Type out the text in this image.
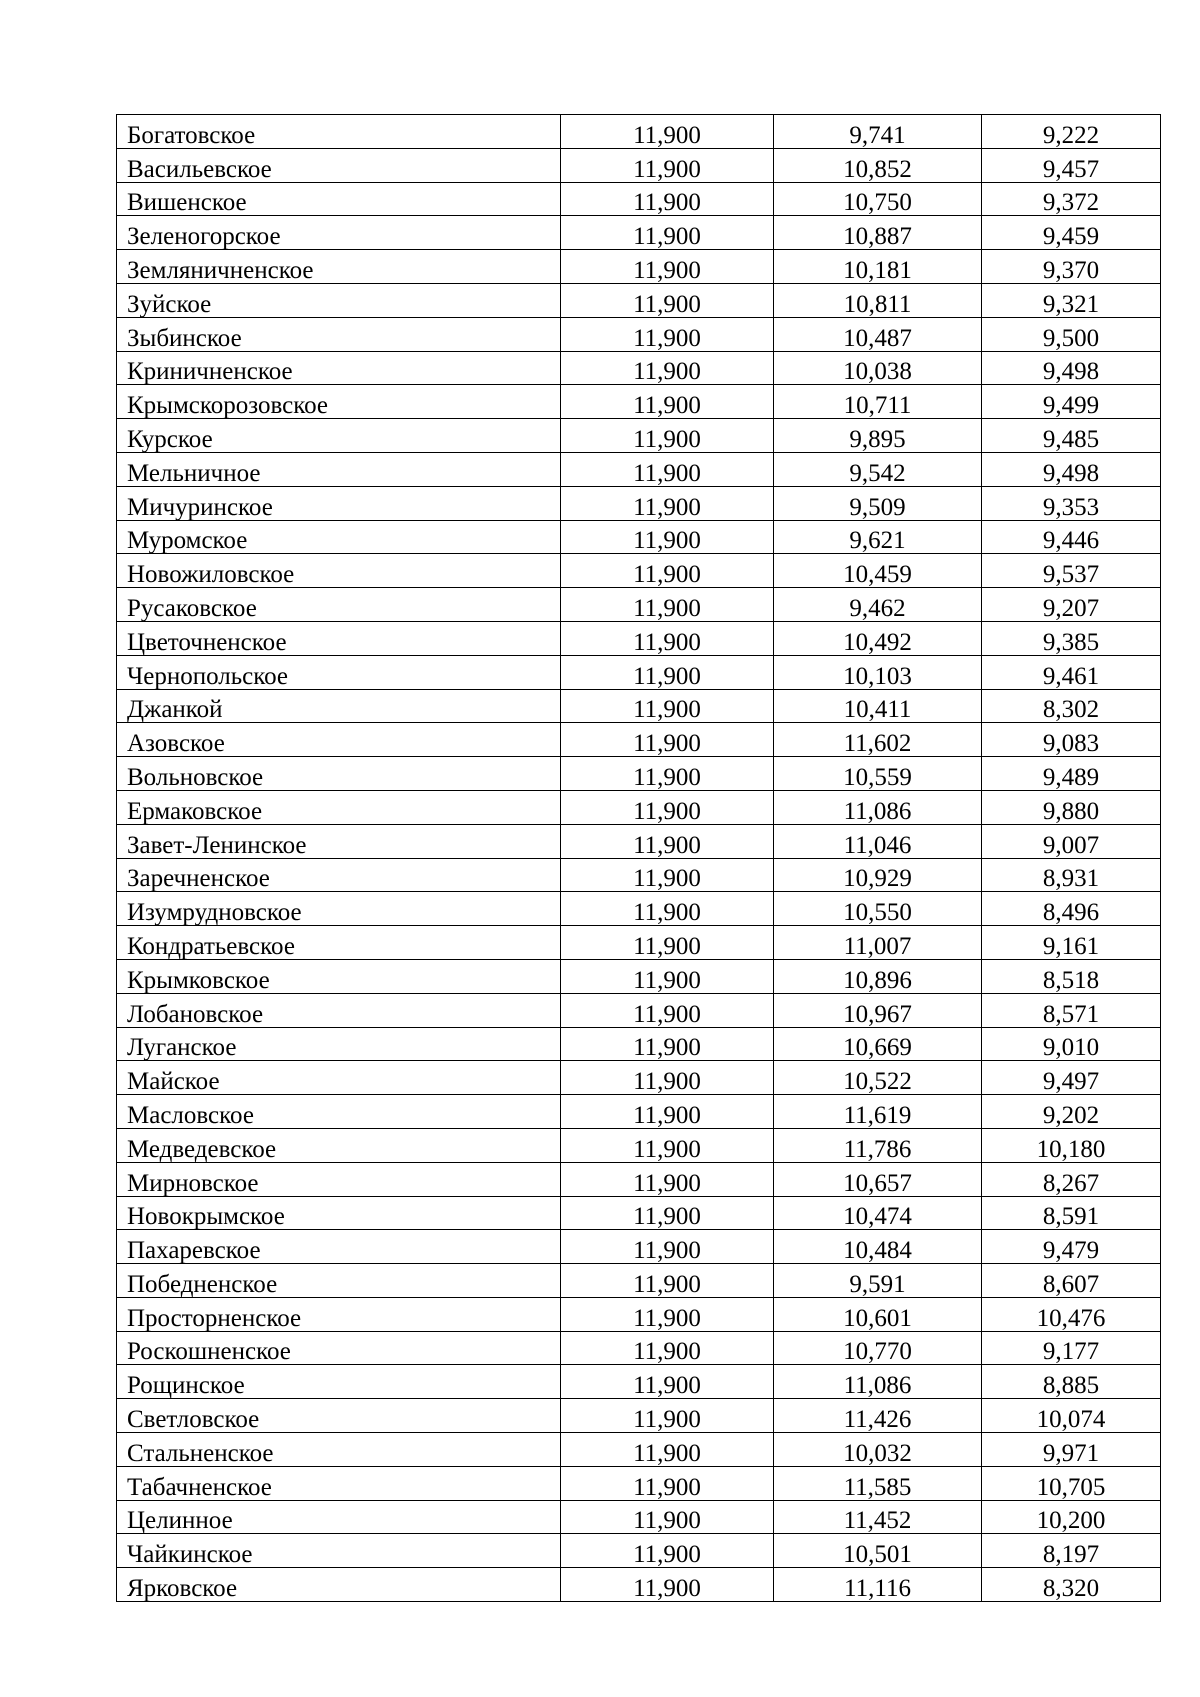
Богатовское	11,900	9,741	9,222
Васильевское	11,900	10,852	9,457
Вишенское	11,900	10,750	9,372
Зеленогорское	11,900	10,887	9,459
Земляничненское	11,900	10,181	9,370
Зуйское	11,900	10,811	9,321
Зыбинское	11,900	10,487	9,500
Криничненское	11,900	10,038	9,498
Крымскорозовское	11,900	10,711	9,499
Курское	11,900	9,895	9,485
Мельничное	11,900	9,542	9,498
Мичуринское	11,900	9,509	9,353
Муромское	11,900	9,621	9,446
Новожиловское	11,900	10,459	9,537
Русаковское	11,900	9,462	9,207
Цветочненское	11,900	10,492	9,385
Чернопольское	11,900	10,103	9,461
Джанкой	11,900	10,411	8,302
Азовское	11,900	11,602	9,083
Вольновское	11,900	10,559	9,489
Ермаковское	11,900	11,086	9,880
Завет-Ленинское	11,900	11,046	9,007
Заречненское	11,900	10,929	8,931
Изумрудновское	11,900	10,550	8,496
Кондратьевское	11,900	11,007	9,161
Крымковское	11,900	10,896	8,518
Лобановское	11,900	10,967	8,571
Луганское	11,900	10,669	9,010
Майское	11,900	10,522	9,497
Масловское	11,900	11,619	9,202
Медведевское	11,900	11,786	10,180
Мирновское	11,900	10,657	8,267
Новокрымское	11,900	10,474	8,591
Пахаревское	11,900	10,484	9,479
Победненское	11,900	9,591	8,607
Просторненское	11,900	10,601	10,476
Роскошненское	11,900	10,770	9,177
Рощинское	11,900	11,086	8,885
Светловское	11,900	11,426	10,074
Стальненское	11,900	10,032	9,971
Табачненское	11,900	11,585	10,705
Целинное	11,900	11,452	10,200
Чайкинское	11,900	10,501	8,197
Ярковское	11,900	11,116	8,320
